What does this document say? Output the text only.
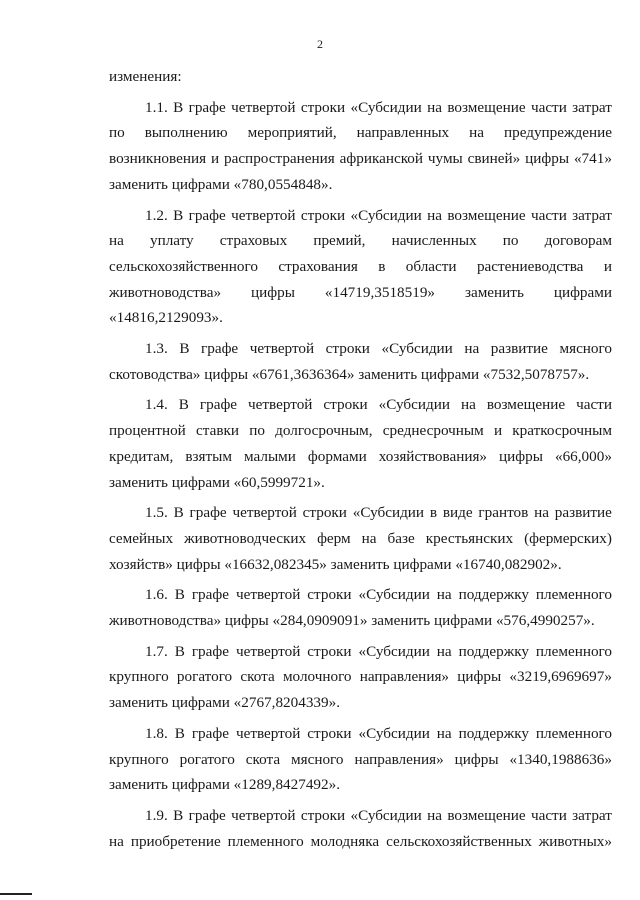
2

изменения:

1.1. В графе четвертой строки «Субсидии на возмещение части затрат
по выполнению мероприятий, направленных на предупреждение
возникновения и распространения африканской чумы свиней» цифры «741»
заменить цифрами «780,0554848».

1.2. В графе четвертой строки «Субсидии на возмещение части затрат
на уплату страховых премий, начисленных по договорам
сельскохозяйственного страхования в области растениеводства и
животноводства» цифры «14719,3518519» заменить цифрами
«14816,2129093».

1.3. В графе четвертой строки «Субсидии на развитие мясного
скотоводства» цифры «6761,3636364» заменить цифрами «7532,5078757».

1.4. В графе четвертой строки «Субсидии на возмещение части
процентной ставки по долгосрочным, среднесрочным и краткосрочным
кредитам, взятым малыми формами хозяйствования» цифры «66,000»
заменить цифрами «60,5999721».

1.5. В графе четвертой строки «Субсидии в виде грантов на развитие
семейных животноводческих ферм на базе крестьянских (фермерских)
хозяйств» цифры «16632,082345» заменить цифрами «16740,082902».

1.6. В графе четвертой строки «Субсидии на поддержку племенного
животноводства» цифры «284,0909091» заменить цифрами «576,4990257».

1.7. В графе четвертой строки «Субсидии на поддержку племенного
крупного рогатого скота молочного направления» цифры «3219,6969697»
заменить цифрами «2767,8204339».

1.8. В графе четвертой строки «Субсидии на поддержку племенного
крупного рогатого скота мясного направления» цифры «1340,1988636»
заменить цифрами «1289,8427492».

1.9. В графе четвертой строки «Субсидии на возмещение части затрат
на приобретение племенного молодняка сельскохозяйственных животных»
